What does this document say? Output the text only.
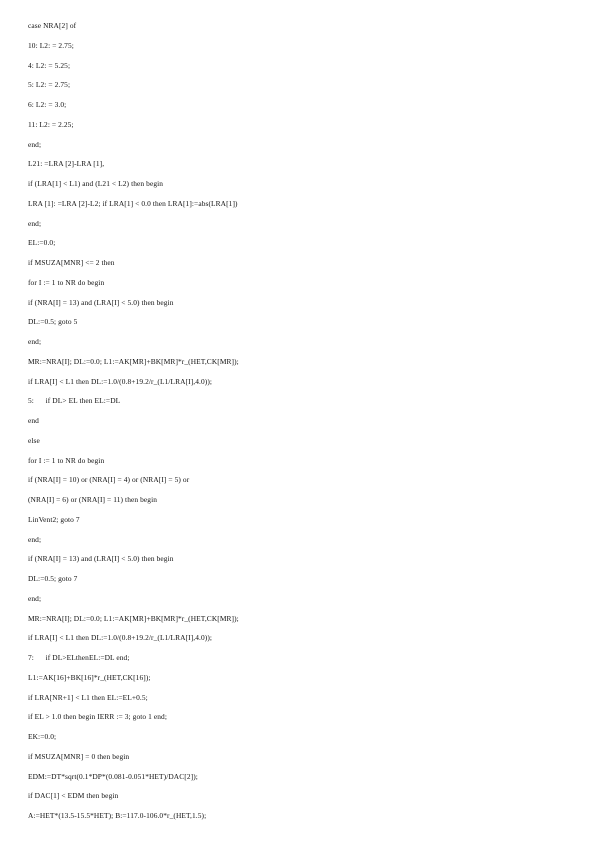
case NRA[2] of
10: L2: = 2.75;
4: L2: = 5.25;
5: L2: = 2.75;
6: L2: = 3.0;
11: L2: = 2.25;
end;
L21: =LRA [2]-LRA [1],
if (LRA[1] < L1) and (L21 < L2) then begin
LRA [1]: =LRA [2]-L2; if LRA[1] < 0.0 then LRA[1]:=abs(LRA[1])
end;
EL:=0.0;
if MSUZA[MNR] <= 2 then
for I := 1 to NR do begin
if (NRA[I] = 13) and (LRA[I] < 5.0) then begin
DL:=0.5; goto 5
end;
MR:=NRA[I]; DL:=0.0; L1:=AK[MR]+BK[MR]*r_(HET,CK[MR]);
if LRA[I] < L1 then DL:=1.0/(0.8+19.2/r_(L1/LRA[I],4.0));
5:      if DL> EL then EL:=DL
end
else
for I := 1 to NR do begin
if (NRA[I] = 10) or (NRA[I] = 4) or (NRA[I] = 5) or
(NRA[I] = 6) or (NRA[I] = 11) then begin
LinVent2; goto 7
end;
if (NRA[I] = 13) and (LRA[I] < 5.0) then begin
DL:=0.5; goto 7
end;
MR:=NRA[I]; DL:=0.0; L1:=AK[MR]+BK[MR]*r_(HET,CK[MR]);
if LRA[I] < L1 then DL:=1.0/(0.8+19.2/r_(L1/LRA[I],4.0));
7:      if DL>ELthenEL:=DL end;
L1:=AK[16]+BK[16]*r_(HET,CK[16]);
if LRA[NR+1] < L1 then EL:=EL+0.5;
if EL > 1.0 then begin IERR := 3; goto 1 end;
EK:=0.0;
if MSUZA[MNR] = 0 then begin
EDM:=DT*sqrt(0.1*DP*(0.081-0.051*HET)/DAC[2]);
if DAC[1] < EDM then begin
A:=HET*(13.5-15.5*HET); B:=117.0-106.0*r_(HET,1.5);
